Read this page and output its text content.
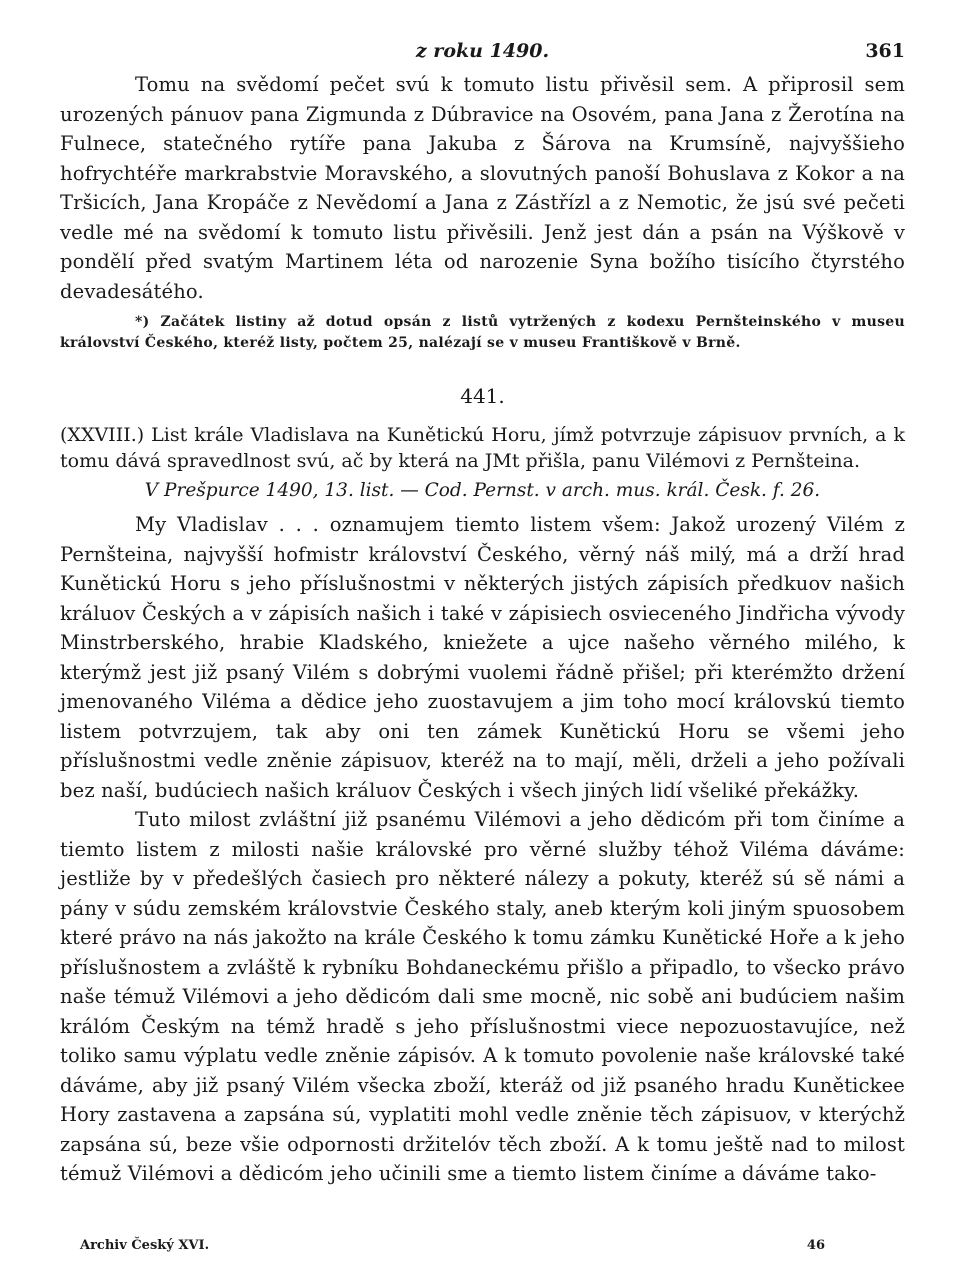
z roku 1490.	361

Tomu na svědomí pečet svú k tomuto listu přivěsil sem. A připrosil sem urozených pánuov pana Zigmunda z Dúbravice na Osovém, pana Jana z Žerotína na Fulnece, statečného rytíře pana Jakuba z Šárova na Krumsíně, najvyššieho hofrychtéře markrabstvie Moravského, a slovutných panoší Bohuslava z Kokor a na Tršicích, Jana Kropáče z Nevědomí a Jana z Zástřízl a z Nemotic, že jsú své pečeti vedle mé na svědomí k tomuto listu přivěsili. Jenž jest dán a psán na Výškově v pondělí před svatým Martinem léta od narozenie Syna božího tisícího čtyrstého devadesátého.

*) Začátek listiny až dotud opsán z listů vytržených z kodexu Pernšteinského v museu království Českého, kteréž listy, počtem 25, nalézají se v museu Františkově v Brně.

441.

(XXVIII.) List krále Vladislava na Kunětickú Horu, jímž potvrzuje zápisuov prvních, a k tomu dává spravedlnost svú, ač by která na JMt přišla, panu Vilémovi z Pernšteina.

V Prešpurce 1490, 13. list. — Cod. Pernst. v arch. mus. král. Česk. f. 26.

My Vladislav . . . oznamujem tiemto listem všem: Jakož urozený Vilém z Pernšteina, najvyšší hofmistr království Českého, věrný náš milý, má a drží hrad Kunětickú Horu s jeho příslušnostmi v některých jistých zápisích předkuov našich králuov Českých a v zápisích našich i také v zápisiech osvieceného Jindřicha vývody Minstrberského, hrabie Kladského, kniežete a ujce našeho věrného milého, k kterýmž jest již psaný Vilém s dobrými vuolemi řádně přišel; při kterémžto držení jmenovaného Viléma a dědice jeho zuostavujem a jim toho mocí královskú tiemto listem potvrzujem, tak aby oni ten zámek Kunětickú Horu se všemi jeho příslušnostmi vedle zněnie zápisuov, kteréž na to mají, měli, drželi a jeho požívali bez naší, budúciech našich králuov Českých i všech jiných lidí všeliké překážky.

Tuto milost zvláštní již psanému Vilémovi a jeho dědicóm při tom činíme a tiemto listem z milosti našie královské pro věrné služby téhož Viléma dáváme: jestliže by v předešlých časiech pro některé nálezy a pokuty, kteréž sú sě námi a pány v súdu zemském královstvie Českého staly, aneb kterým koli jiným spuosobem které právo na nás jakožto na krále Českého k tomu zámku Kunětické Hoře a k jeho příslušnostem a zvláště k rybníku Bohdaneckému přišlo a připadlo, to všecko právo naše témuž Vilémovi a jeho dědicóm dali sme mocně, nic sobě ani budúciem našim králóm Českým na témž hradě s jeho příslušnostmi viece nepozuostavujíce, než toliko samu výplatu vedle zněnie zápisóv. A k tomuto povolenie naše královské také dáváme, aby již psaný Vilém všecka zboží, kteráž od již psaného hradu Kunětickee Hory zastavena a zapsána sú, vyplatiti mohl vedle zněnie těch zápisuov, v kterýchž zapsána sú, beze všie odpornosti držitelóv těch zboží. A k tomu ještě nad to milost témuž Vilémovi a dědicóm jeho učinili sme a tiemto listem činíme a dáváme tako-

Archiv Český XVI.	46
